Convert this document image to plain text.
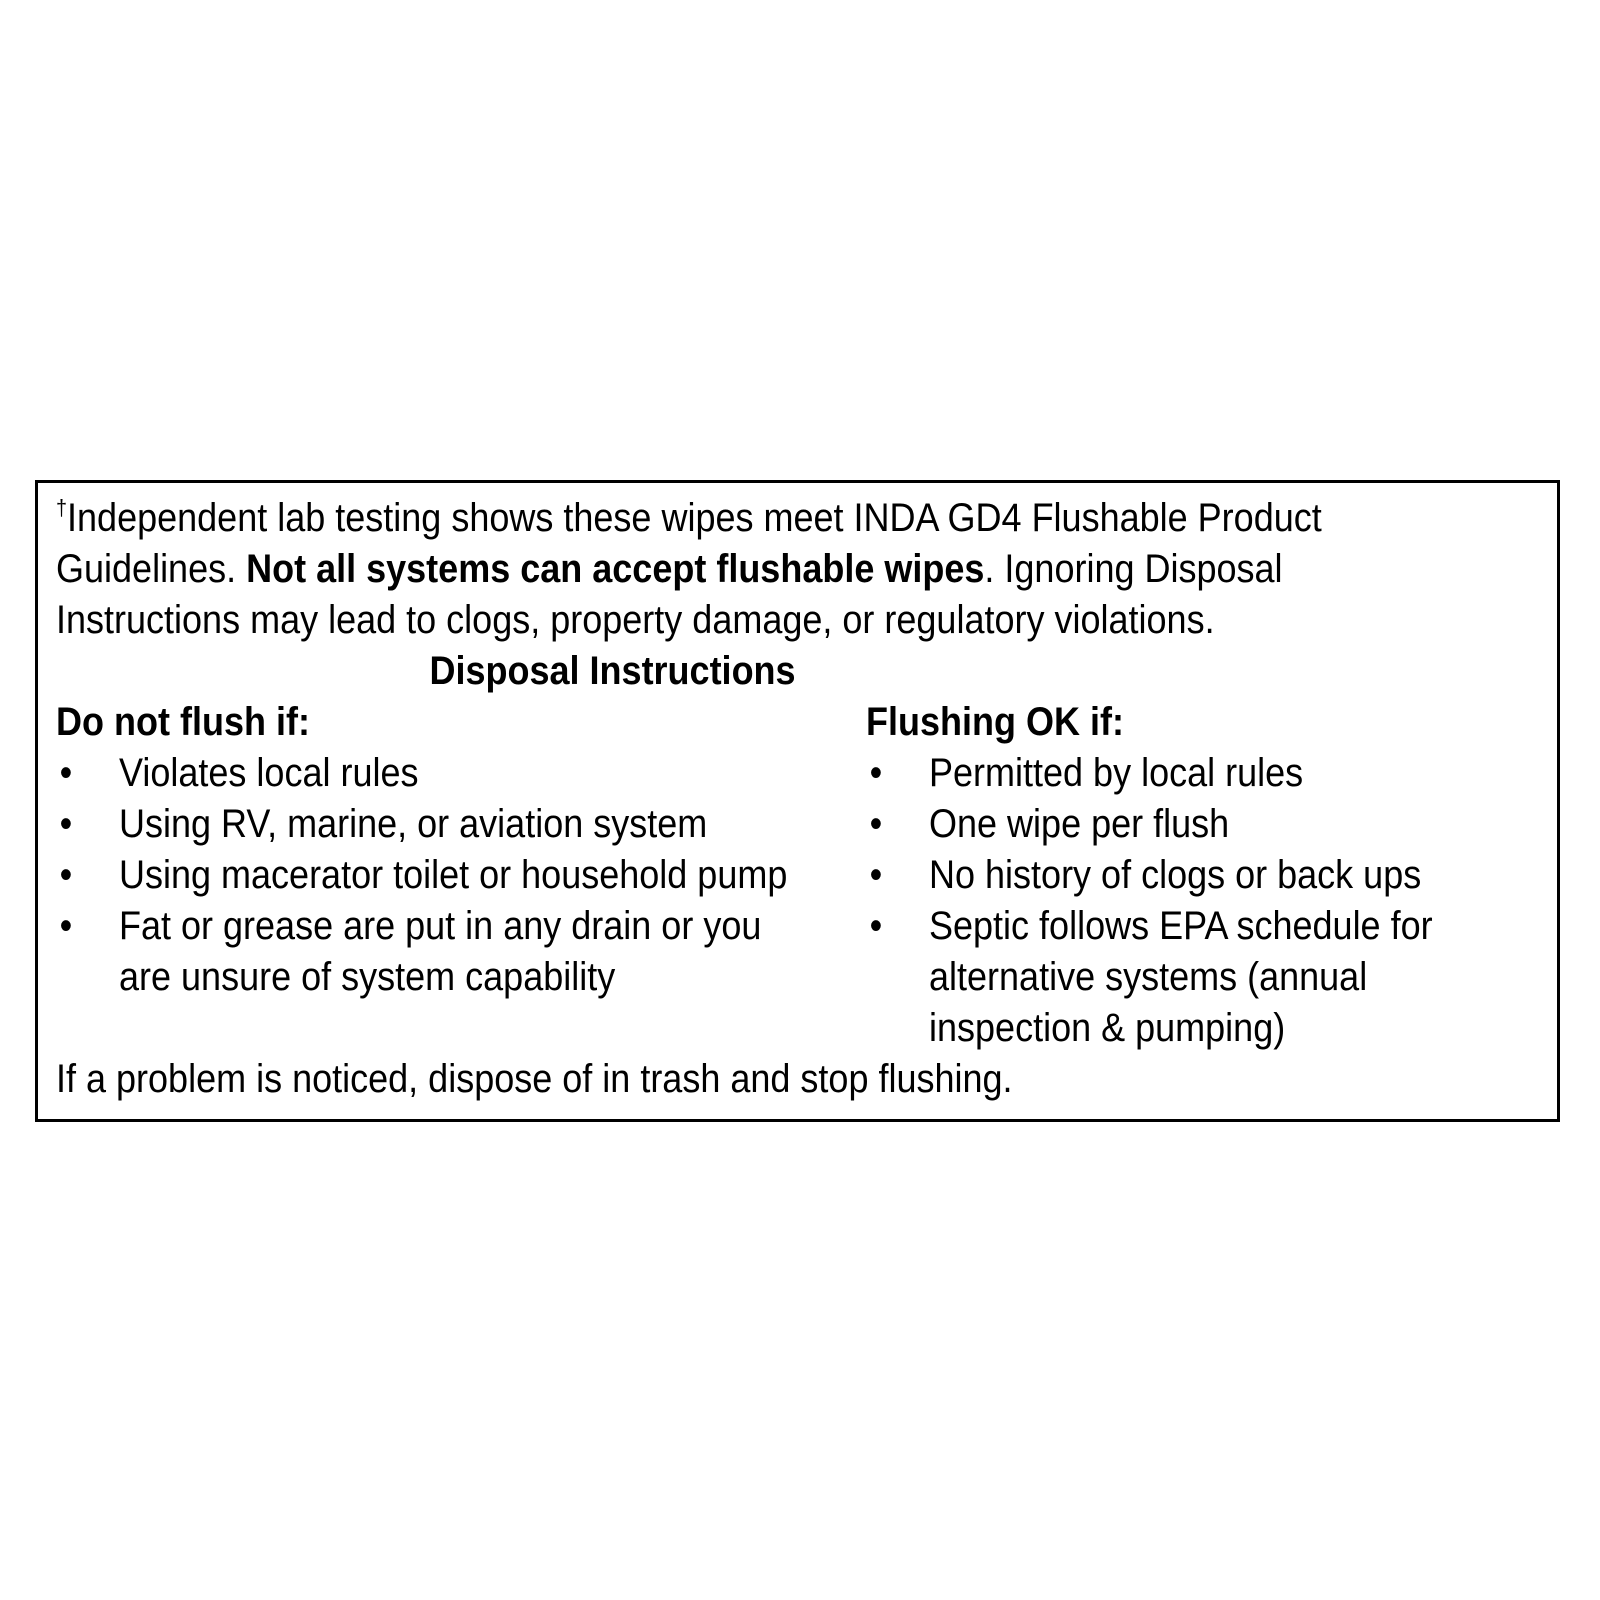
†Independent lab testing shows these wipes meet INDA GD4 Flushable Product
Guidelines. Not all systems can accept flushable wipes. Ignoring Disposal
Instructions may lead to clogs, property damage, or regulatory violations.
Disposal Instructions
Do not flush if:
• Violates local rules
• Using RV, marine, or aviation system
• Using macerator toilet or household pump
• Fat or grease are put in any drain or you
are unsure of system capability
Flushing OK if:
• Permitted by local rules
• One wipe per flush
• No history of clogs or back ups
• Septic follows EPA schedule for
alternative systems (annual
inspection & pumping)
If a problem is noticed, dispose of in trash and stop flushing.
